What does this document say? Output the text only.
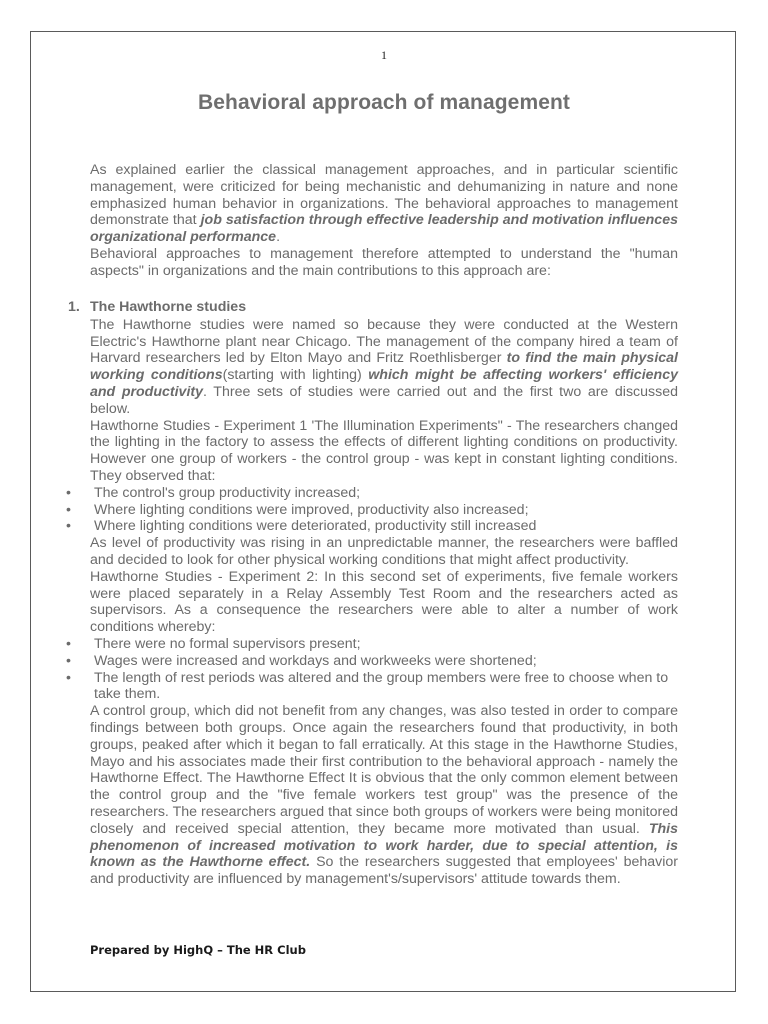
1
Behavioral approach of management

As explained earlier the classical management approaches, and in particular scientific management, were criticized for being mechanistic and dehumanizing in nature and none emphasized human behavior in organizations. The behavioral approaches to management demonstrate that job satisfaction through effective leadership and motivation influences organizational performance.

Behavioral approaches to management therefore attempted to understand the "human aspects" in organizations and the main contributions to this approach are:

1. The Hawthorne studies

The Hawthorne studies were named so because they were conducted at the Western Electric's Hawthorne plant near Chicago. The management of the company hired a team of Harvard researchers led by Elton Mayo and Fritz Roethlisberger to find the main physical working conditions(starting with lighting) which might be affecting workers' efficiency and productivity. Three sets of studies were carried out and the first two are discussed below.

Hawthorne Studies - Experiment 1 'The Illumination Experiments" - The researchers changed the lighting in the factory to assess the effects of different lighting conditions on productivity. However one group of workers - the control group - was kept in constant lighting conditions. They observed that:

• The control's group productivity increased;
• Where lighting conditions were improved, productivity also increased;
• Where lighting conditions were deteriorated, productivity still increased

As level of productivity was rising in an unpredictable manner, the researchers were baffled and decided to look for other physical working conditions that might affect productivity.

Hawthorne Studies - Experiment 2: In this second set of experiments, five female workers were placed separately in a Relay Assembly Test Room and the researchers acted as supervisors. As a consequence the researchers were able to alter a number of work conditions whereby:

• There were no formal supervisors present;
• Wages were increased and workdays and workweeks were shortened;
• The length of rest periods was altered and the group members were free to choose when to take them.

A control group, which did not benefit from any changes, was also tested in order to compare findings between both groups. Once again the researchers found that productivity, in both groups, peaked after which it began to fall erratically. At this stage in the Hawthorne Studies, Mayo and his associates made their first contribution to the behavioral approach - namely the Hawthorne Effect. The Hawthorne Effect It is obvious that the only common element between the control group and the "five female workers test group" was the presence of the researchers. The researchers argued that since both groups of workers were being monitored closely and received special attention, they became more motivated than usual. This phenomenon of increased motivation to work harder, due to special attention, is known as the Hawthorne effect. So the researchers suggested that employees' behavior and productivity are influenced by management's/supervisors' attitude towards them.

Prepared by HighQ – The HR Club
